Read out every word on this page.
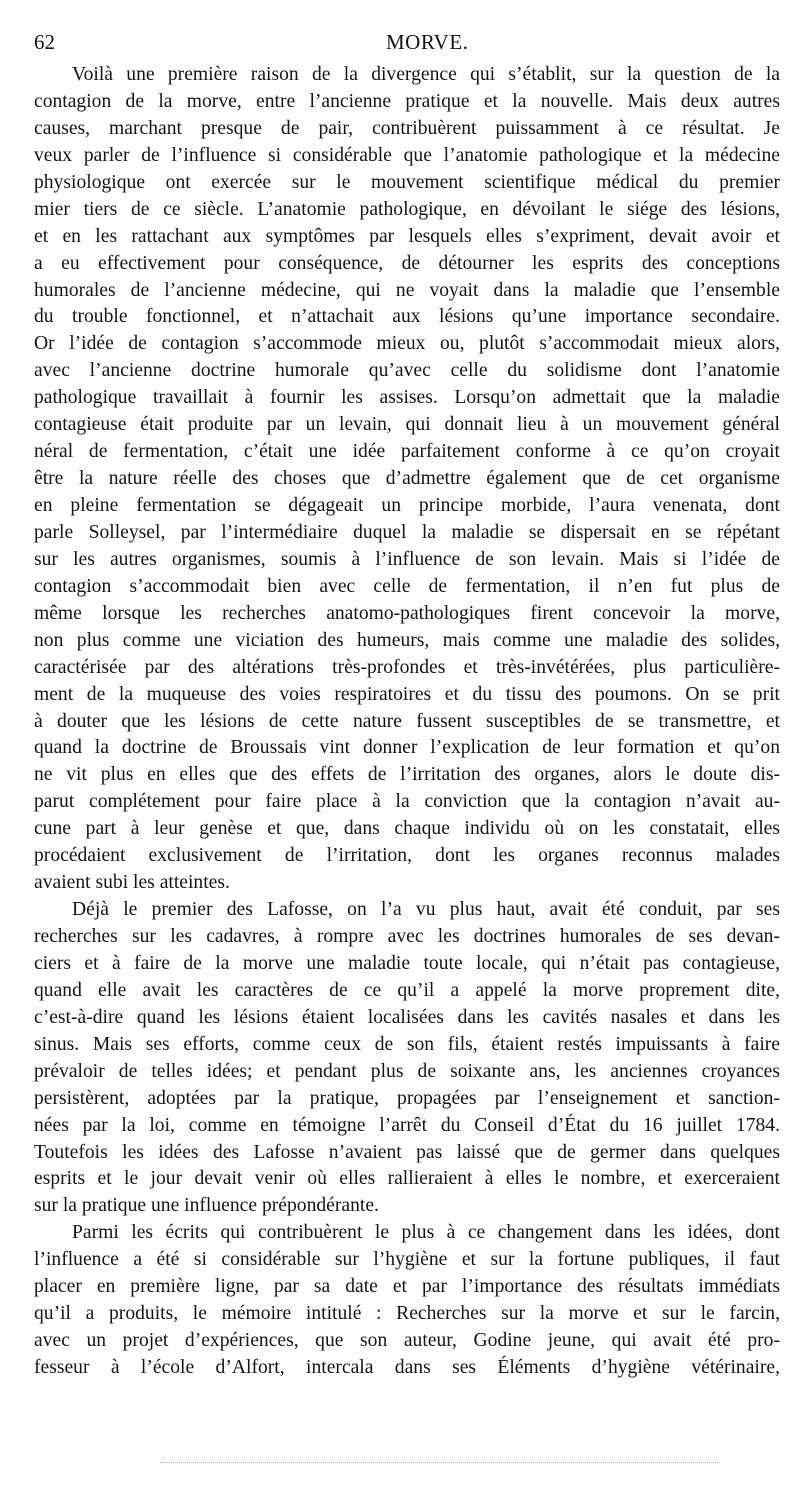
62	MORVE.

Voilà une première raison de la divergence qui s’établit, sur la question de la
contagion de la morve, entre l’ancienne pratique et la nouvelle. Mais deux autres
causes, marchant presque de pair, contribuèrent puissamment à ce résultat. Je
veux parler de l’influence si considérable que l’anatomie pathologique et la médecine
physiologique ont exercée sur le mouvement scientifique médical du premier
mier tiers de ce siècle. L’anatomie pathologique, en dévoilant le siége des lésions,
et en les rattachant aux symptômes par lesquels elles s’expriment, devait avoir et
a eu effectivement pour conséquence, de détourner les esprits des conceptions
humorales de l’ancienne médecine, qui ne voyait dans la maladie que l’ensemble
du trouble fonctionnel, et n’attachait aux lésions qu’une importance secondaire.
Or l’idée de contagion s’accommode mieux ou, plutôt s’accommodait mieux alors,
avec l’ancienne doctrine humorale qu’avec celle du solidisme dont l’anatomie
pathologique travaillait à fournir les assises. Lorsqu’on admettait que la maladie
contagieuse était produite par un levain, qui donnait lieu à un mouvement général
néral de fermentation, c’était une idée parfaitement conforme à ce qu’on croyait
être la nature réelle des choses que d’admettre également que de cet organisme
en pleine fermentation se dégageait un principe morbide, l’aura venenata, dont
parle Solleysel, par l’intermédiaire duquel la maladie se dispersait en se répétant
sur les autres organismes, soumis à l’influence de son levain. Mais si l’idée de
contagion s’accommodait bien avec celle de fermentation, il n’en fut plus de
même lorsque les recherches anatomo-pathologiques firent concevoir la morve,
non plus comme une viciation des humeurs, mais comme une maladie des solides,
caractérisée par des altérations très-profondes et très-invétérées, plus particulière-
ment de la muqueuse des voies respiratoires et du tissu des poumons. On se prit
à douter que les lésions de cette nature fussent susceptibles de se transmettre, et
quand la doctrine de Broussais vint donner l’explication de leur formation et qu’on
ne vit plus en elles que des effets de l’irritation des organes, alors le doute dis-
parut complétement pour faire place à la conviction que la contagion n’avait au-
cune part à leur genèse et que, dans chaque individu où on les constatait, elles
procédaient exclusivement de l’irritation, dont les organes reconnus malades
avaient subi les atteintes.

Déjà le premier des Lafosse, on l’a vu plus haut, avait été conduit, par ses
recherches sur les cadavres, à rompre avec les doctrines humorales de ses devan-
ciers et à faire de la morve une maladie toute locale, qui n’était pas contagieuse,
quand elle avait les caractères de ce qu’il a appelé la morve proprement dite,
c’est-à-dire quand les lésions étaient localisées dans les cavités nasales et dans les
sinus. Mais ses efforts, comme ceux de son fils, étaient restés impuissants à faire
prévaloir de telles idées; et pendant plus de soixante ans, les anciennes croyances
persistèrent, adoptées par la pratique, propagées par l’enseignement et sanction-
nées par la loi, comme en témoigne l’arrêt du Conseil d’État du 16 juillet 1784.
Toutefois les idées des Lafosse n’avaient pas laissé que de germer dans quelques
esprits et le jour devait venir où elles rallieraient à elles le nombre, et exerceraient
sur la pratique une influence prépondérante.

Parmi les écrits qui contribuèrent le plus à ce changement dans les idées, dont
l’influence a été si considérable sur l’hygiène et sur la fortune publiques, il faut
placer en première ligne, par sa date et par l’importance des résultats immédiats
qu’il a produits, le mémoire intitulé : Recherches sur la morve et sur le farcin,
avec un projet d’expériences, que son auteur, Godine jeune, qui avait été pro-
fesseur à l’école d’Alfort, intercala dans ses Éléments d’hygiène vétérinaire,
